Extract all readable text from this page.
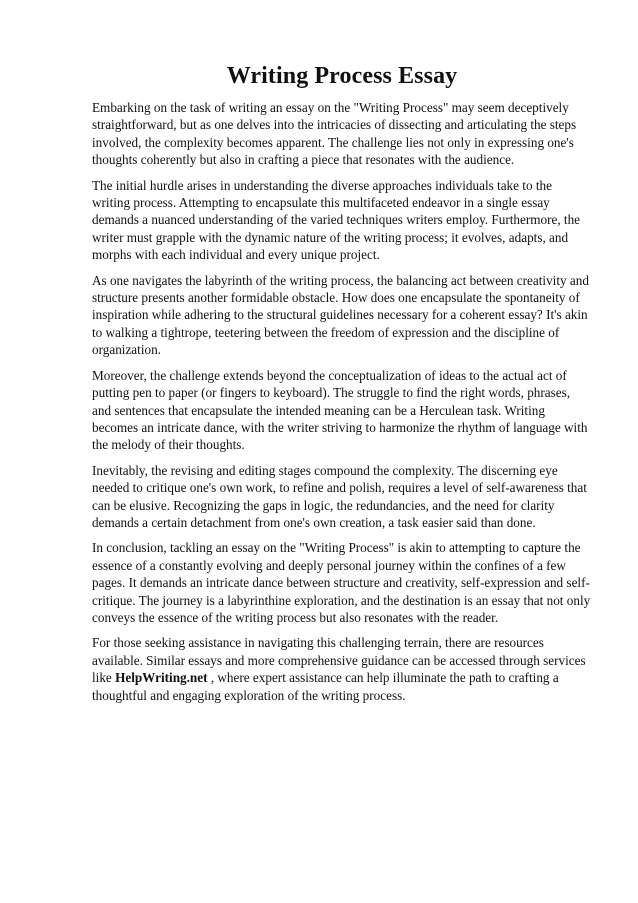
Writing Process Essay

Embarking on the task of writing an essay on the "Writing Process" may seem deceptively straightforward, but as one delves into the intricacies of dissecting and articulating the steps involved, the complexity becomes apparent. The challenge lies not only in expressing one's thoughts coherently but also in crafting a piece that resonates with the audience.

The initial hurdle arises in understanding the diverse approaches individuals take to the writing process. Attempting to encapsulate this multifaceted endeavor in a single essay demands a nuanced understanding of the varied techniques writers employ. Furthermore, the writer must grapple with the dynamic nature of the writing process; it evolves, adapts, and morphs with each individual and every unique project.

As one navigates the labyrinth of the writing process, the balancing act between creativity and structure presents another formidable obstacle. How does one encapsulate the spontaneity of inspiration while adhering to the structural guidelines necessary for a coherent essay? It's akin to walking a tightrope, teetering between the freedom of expression and the discipline of organization.

Moreover, the challenge extends beyond the conceptualization of ideas to the actual act of putting pen to paper (or fingers to keyboard). The struggle to find the right words, phrases, and sentences that encapsulate the intended meaning can be a Herculean task. Writing becomes an intricate dance, with the writer striving to harmonize the rhythm of language with the melody of their thoughts.

Inevitably, the revising and editing stages compound the complexity. The discerning eye needed to critique one's own work, to refine and polish, requires a level of self-awareness that can be elusive. Recognizing the gaps in logic, the redundancies, and the need for clarity demands a certain detachment from one's own creation, a task easier said than done.

In conclusion, tackling an essay on the "Writing Process" is akin to attempting to capture the essence of a constantly evolving and deeply personal journey within the confines of a few pages. It demands an intricate dance between structure and creativity, self-expression and self-critique. The journey is a labyrinthine exploration, and the destination is an essay that not only conveys the essence of the writing process but also resonates with the reader.

For those seeking assistance in navigating this challenging terrain, there are resources available. Similar essays and more comprehensive guidance can be accessed through services like HelpWriting.net , where expert assistance can help illuminate the path to crafting a thoughtful and engaging exploration of the writing process.
